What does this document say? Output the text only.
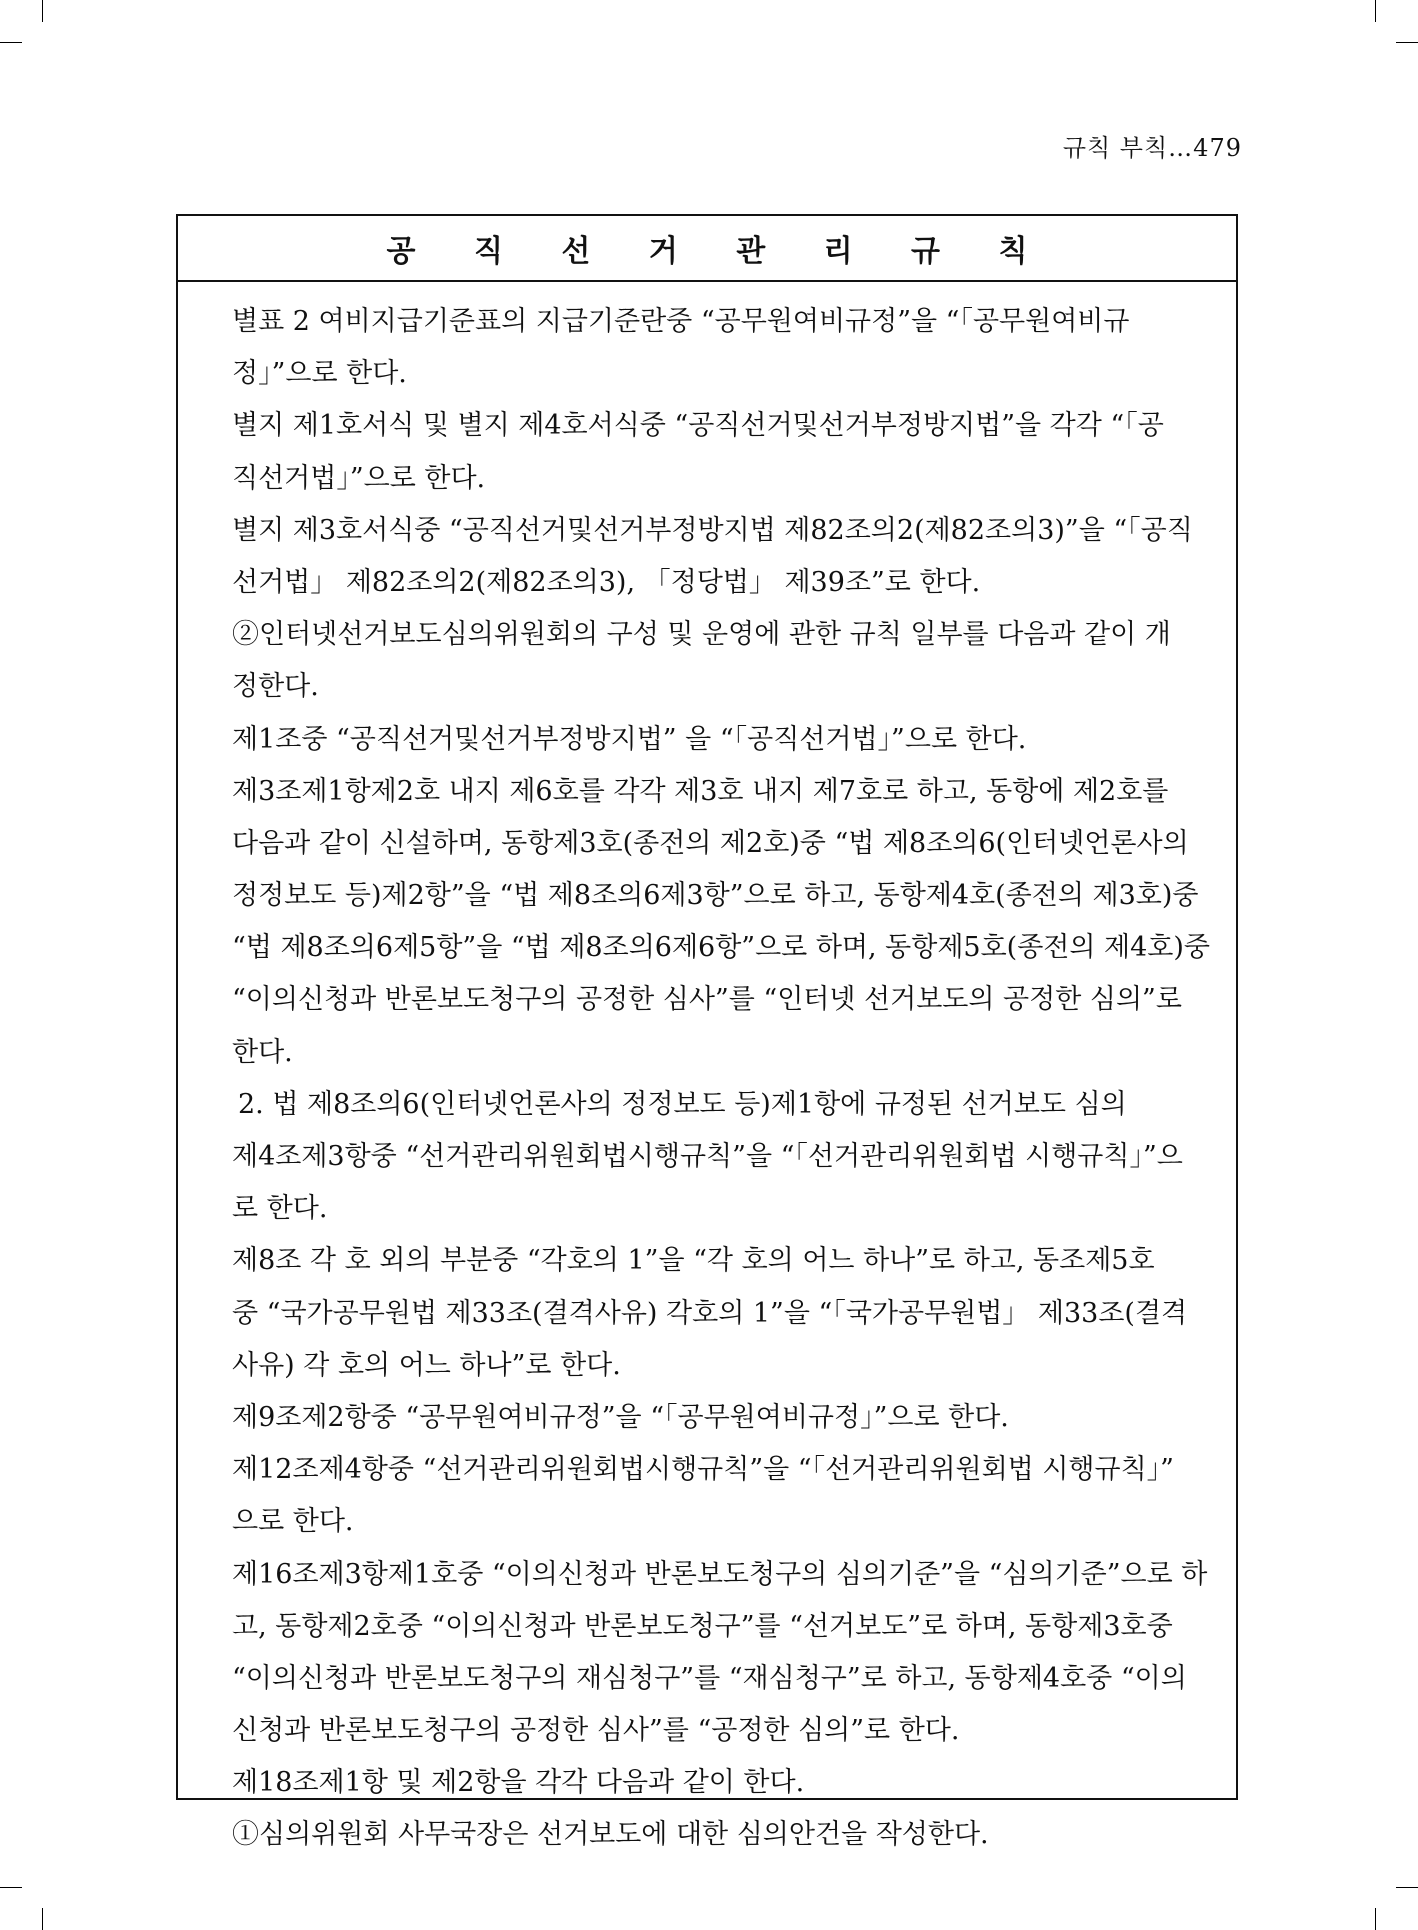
규칙 부칙…479
공 직 선 거 관 리 규 칙
별표 2 여비지급기준표의 지급기준란중 “공무원여비규정”을 “「공무원여비규
정」”으로 한다.
별지 제1호서식 및 별지 제4호서식중 “공직선거및선거부정방지법”을 각각 “「공
직선거법」”으로 한다.
별지 제3호서식중 “공직선거및선거부정방지법 제82조의2(제82조의3)”을 “「공직
선거법」 제82조의2(제82조의3), 「정당법」 제39조”로 한다.
②인터넷선거보도심의위원회의 구성 및 운영에 관한 규칙 일부를 다음과 같이 개
정한다.
제1조중 “공직선거및선거부정방지법” 을 “「공직선거법」”으로 한다.
제3조제1항제2호 내지 제6호를 각각 제3호 내지 제7호로 하고, 동항에 제2호를
다음과 같이 신설하며, 동항제3호(종전의 제2호)중 “법 제8조의6(인터넷언론사의
정정보도 등)제2항”을 “법 제8조의6제3항”으로 하고, 동항제4호(종전의 제3호)중
“법 제8조의6제5항”을 “법 제8조의6제6항”으로 하며, 동항제5호(종전의 제4호)중
“이의신청과 반론보도청구의 공정한 심사”를 “인터넷 선거보도의 공정한 심의”로
한다.
2. 법 제8조의6(인터넷언론사의 정정보도 등)제1항에 규정된 선거보도 심의
제4조제3항중 “선거관리위원회법시행규칙”을 “「선거관리위원회법 시행규칙」”으
로 한다.
제8조 각 호 외의 부분중 “각호의 1”을 “각 호의 어느 하나”로 하고, 동조제5호
중 “국가공무원법 제33조(결격사유) 각호의 1”을 “「국가공무원법」 제33조(결격
사유) 각 호의 어느 하나”로 한다.
제9조제2항중 “공무원여비규정”을 “「공무원여비규정」”으로 한다.
제12조제4항중 “선거관리위원회법시행규칙”을 “「선거관리위원회법 시행규칙」”
으로 한다.
제16조제3항제1호중 “이의신청과 반론보도청구의 심의기준”을 “심의기준”으로 하
고, 동항제2호중 “이의신청과 반론보도청구”를 “선거보도”로 하며, 동항제3호중
“이의신청과 반론보도청구의 재심청구”를 “재심청구”로 하고, 동항제4호중 “이의
신청과 반론보도청구의 공정한 심사”를 “공정한 심의”로 한다.
제18조제1항 및 제2항을 각각 다음과 같이 한다.
①심의위원회 사무국장은 선거보도에 대한 심의안건을 작성한다.
